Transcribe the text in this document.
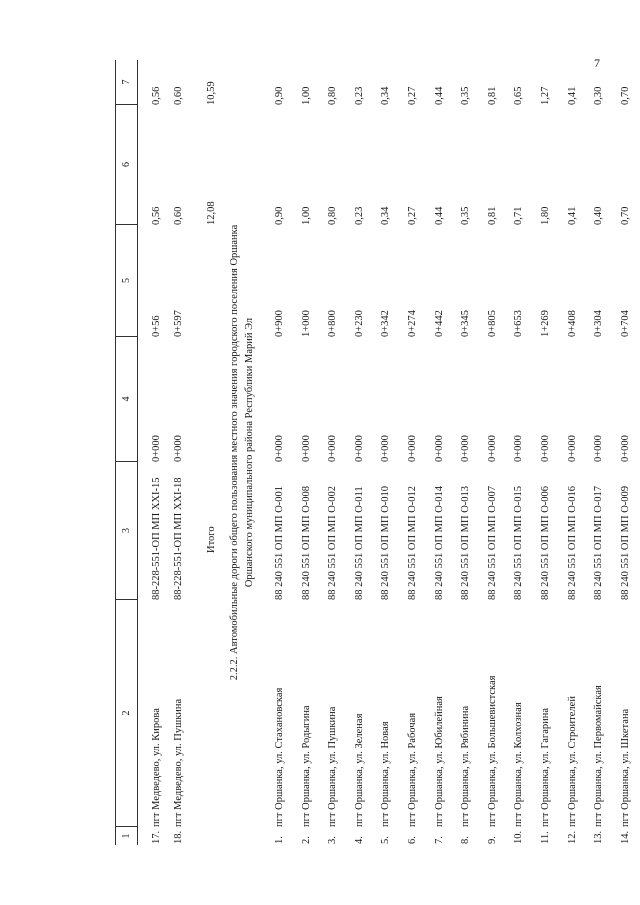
7
1
2
3
4
5
6
7
17.
пгт Медведево, ул. Кирова
88-228-551-ОП МП XXI-15
0+000
0+56
0,56
0,56
18.
пгт Медведево, ул. Пушкина
88-228-551-ОП МП XXI-18
0+000
0+597
0,60
0,60
Итого
12,08
10,59
2.2.2. Автомобильные дороги общего пользования местного значения городского поселения Оршанка Оршанского муниципального района Республики Марий Эл
1.
пгт Оршанка, ул. Стахановская
88 240 551 ОП МП О-001
0+000
0+900
0,90
0,90
2.
пгт Оршанка, ул. Родыгина
88 240 551 ОП МП О-008
0+000
1+000
1,00
1,00
3.
пгт Оршанка, ул. Пушкина
88 240 551 ОП МП О-002
0+000
0+800
0,80
0,80
4.
пгт Оршанка, ул. Зеленая
88 240 551 ОП МП О-011
0+000
0+230
0,23
0,23
5.
пгт Оршанка, ул. Новая
88 240 551 ОП МП О-010
0+000
0+342
0,34
0,34
6.
пгт Оршанка, ул. Рабочая
88 240 551 ОП МП О-012
0+000
0+274
0,27
0,27
7.
пгт Оршанка, ул. Юбилейная
88 240 551 ОП МП О-014
0+000
0+442
0,44
0,44
8.
пгт Оршанка, ул. Рябинина
88 240 551 ОП МП О-013
0+000
0+345
0,35
0,35
9.
пгт Оршанка, ул. Большевистская
88 240 551 ОП МП О-007
0+000
0+805
0,81
0,81
10.
пгт Оршанка, ул. Колхозная
88 240 551 ОП МП О-015
0+000
0+653
0,71
0,65
11.
пгт Оршанка, ул. Гагарина
88 240 551 ОП МП О-006
0+000
1+269
1,80
1,27
12.
пгт Оршанка, ул. Строителей
88 240 551 ОП МП О-016
0+000
0+408
0,41
0,41
13.
пгт Оршанка, ул. Первомайская
88 240 551 ОП МП О-017
0+000
0+304
0,40
0,30
14.
пгт Оршанка, ул. Шкетана
88 240 551 ОП МП О-009
0+000
0+704
0,70
0,70
